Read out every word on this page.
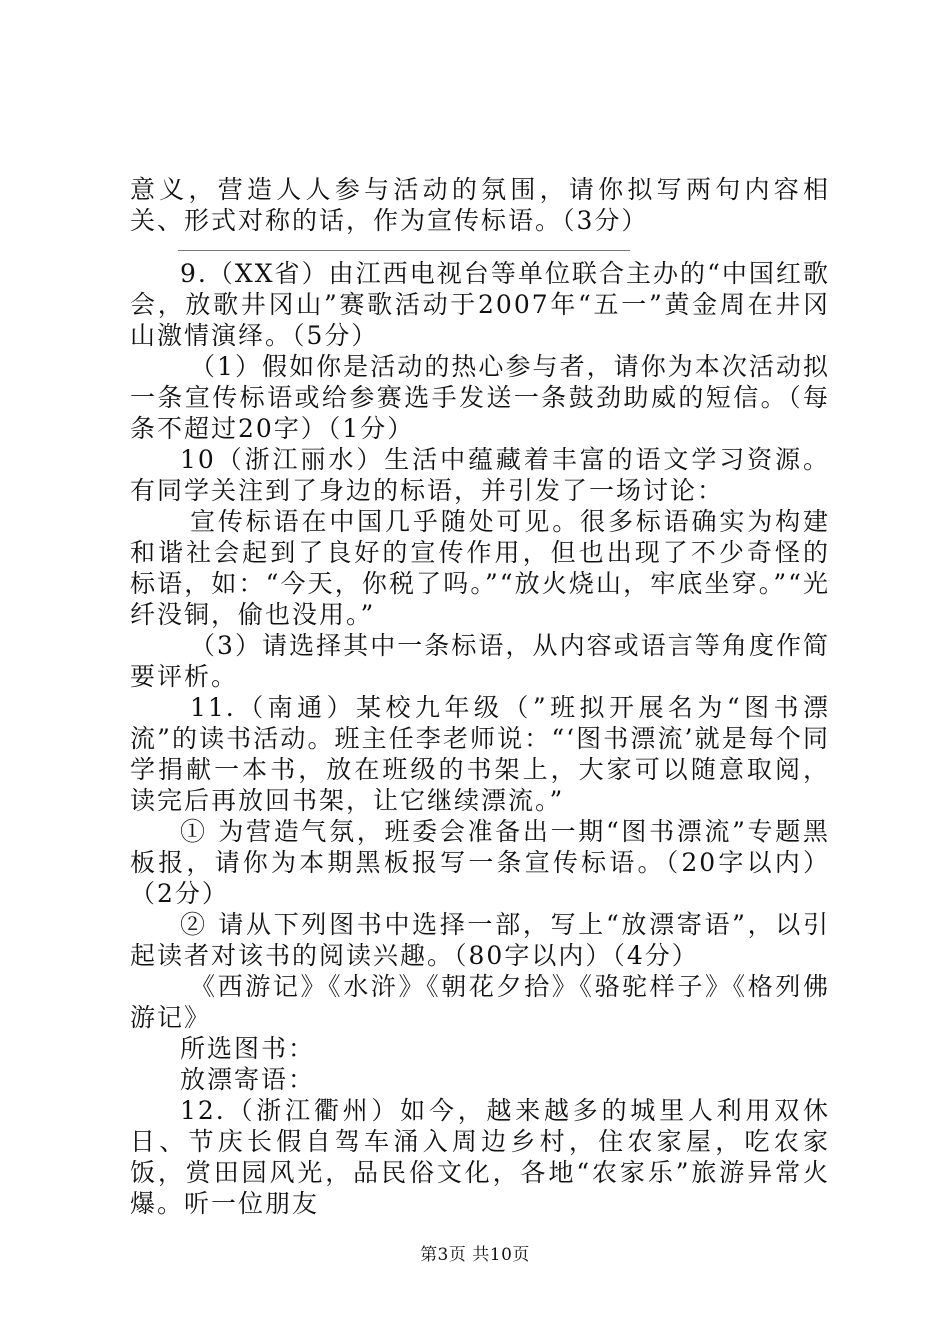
意义，营造人人参与活动的氛围，请你拟写两句内容相关、形式对称的话，作为宣传标语。（3分）

9.（XX省）由江西电视台等单位联合主办的“中国红歌会，放歌井冈山”赛歌活动于2007年“五一”黄金周在井冈山激情演绎。（5分）

（1）假如你是活动的热心参与者，请你为本次活动拟一条宣传标语或给参赛选手发送一条鼓劲助威的短信。（每条不超过20字）（1分）

10（浙江丽水）生活中蕴藏着丰富的语文学习资源。有同学关注到了身边的标语，并引发了一场讨论：

宣传标语在中国几乎随处可见。很多标语确实为构建和谐社会起到了良好的宣传作用，但也出现了不少奇怪的标语，如：“今天，你税了吗。”“放火烧山，牢底坐穿。”“光纤没铜，偷也没用。”

（3）请选择其中一条标语，从内容或语言等角度作简要评析。

11.（南通）某校九年级（”班拟开展名为“图书漂流”的读书活动。班主任李老师说：“‘图书漂流’就是每个同学捐献一本书，放在班级的书架上，大家可以随意取阅，读完后再放回书架，让它继续漂流。”

① 为营造气氛，班委会准备出一期“图书漂流”专题黑板报，请你为本期黑板报写一条宣传标语。（20字以内）（2分）

② 请从下列图书中选择一部，写上“放漂寄语”，以引起读者对该书的阅读兴趣。（80字以内）（4分）

《西游记》《水浒》《朝花夕拾》《骆驼样子》《格列佛游记》

所选图书：

放漂寄语：

12.（浙江衢州）如今，越来越多的城里人利用双休日、节庆长假自驾车涌入周边乡村，住农家屋，吃农家饭，赏田园风光，品民俗文化，各地“农家乐”旅游异常火爆。听一位朋友

第3页 共10页
